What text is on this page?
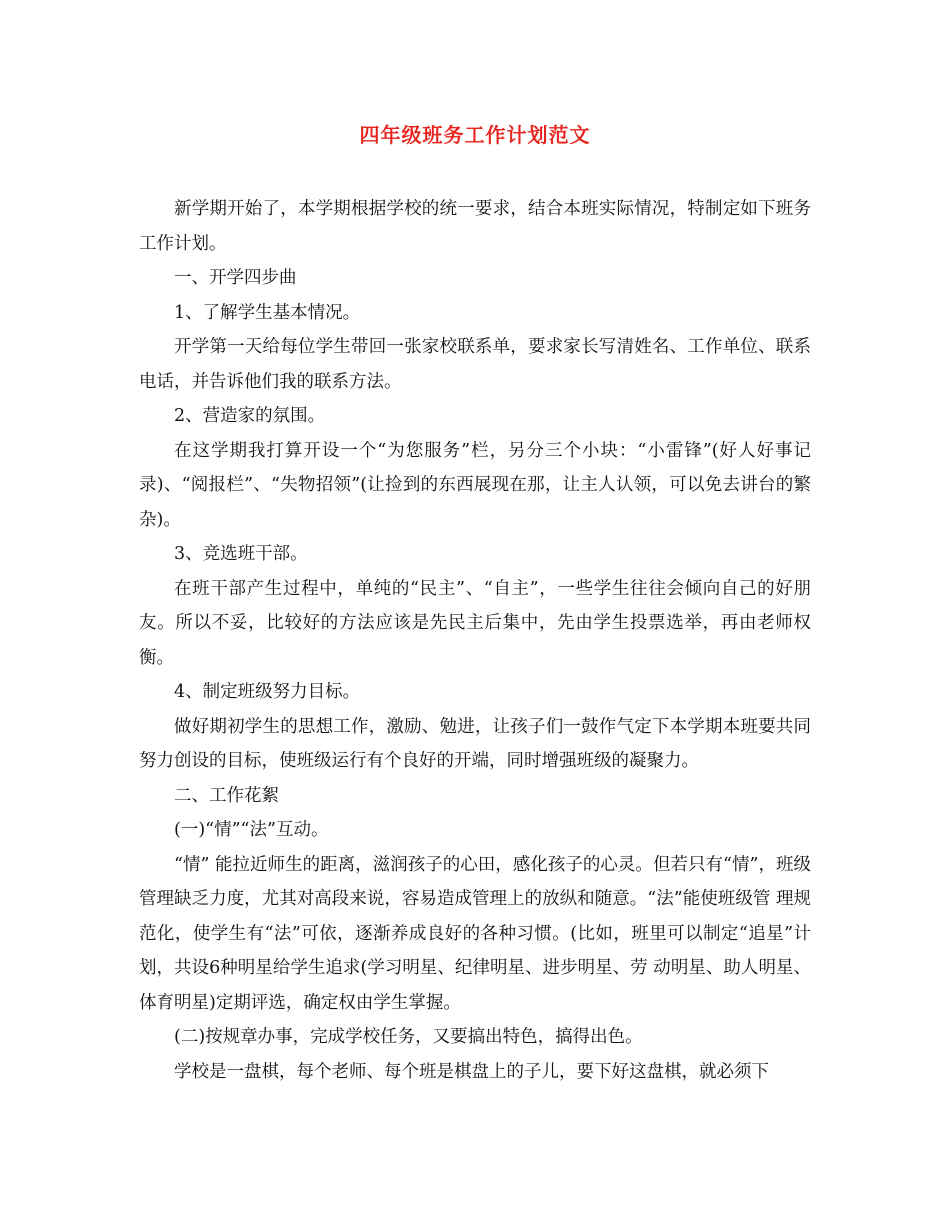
四年级班务工作计划范文

新学期开始了，本学期根据学校的统一要求，结合本班实际情况，特制定如下班务工作计划。

一、开学四步曲

1、了解学生基本情况。

开学第一天给每位学生带回一张家校联系单，要求家长写清姓名、工作单位、联系电话，并告诉他们我的联系方法。

2、营造家的氛围。

在这学期我打算开设一个“为您服务”栏，另分三个小块：“小雷锋”(好人好事记录)、“阅报栏”、“失物招领”(让捡到的东西展现在那，让主人认领，可以免去讲台的繁杂)。

3、竞选班干部。

在班干部产生过程中，单纯的“民主”、“自主”，一些学生往往会倾向自己的好朋友。所以不妥，比较好的方法应该是先民主后集中，先由学生投票选举，再由老师权衡。

4、制定班级努力目标。

做好期初学生的思想工作，激励、勉进，让孩子们一鼓作气定下本学期本班要共同努力创设的目标，使班级运行有个良好的开端，同时增强班级的凝聚力。

二、工作花絮

(一)“情”“法”互动。

“情” 能拉近师生的距离，滋润孩子的心田，感化孩子的心灵。但若只有“情”，班级管理缺乏力度，尤其对高段来说，容易造成管理上的放纵和随意。“法”能使班级管 理规范化，使学生有“法”可依，逐渐养成良好的各种习惯。(比如，班里可以制定“追星”计划，共设6种明星给学生追求(学习明星、纪律明星、进步明星、劳 动明星、助人明星、体育明星)定期评选，确定权由学生掌握。

(二)按规章办事，完成学校任务，又要搞出特色，搞得出色。

学校是一盘棋，每个老师、每个班是棋盘上的子儿，要下好这盘棋，就必须下
